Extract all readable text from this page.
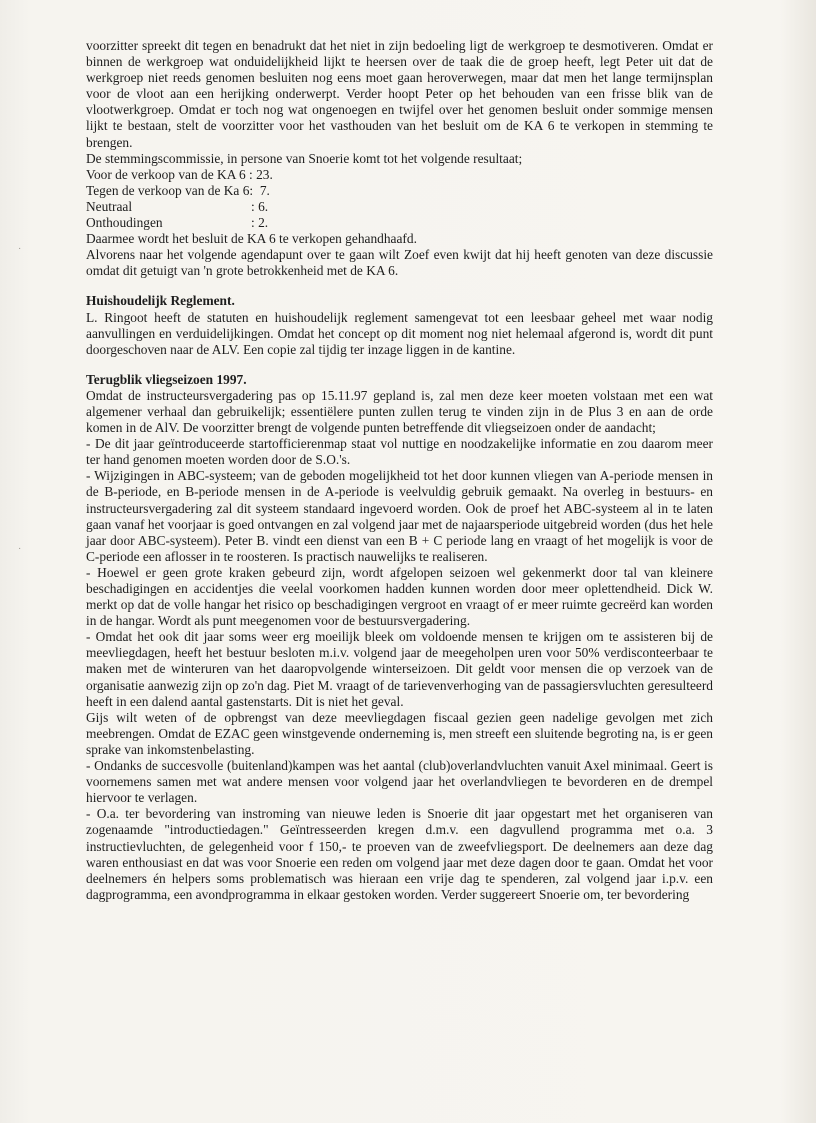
voorzitter spreekt dit tegen en benadrukt dat het niet in zijn bedoeling ligt de werkgroep te desmotiveren. Omdat er binnen de werkgroep wat onduidelijkheid lijkt te heersen over de taak die de groep heeft, legt Peter uit dat de werkgroep niet reeds genomen besluiten nog eens moet gaan heroverwegen, maar dat men het lange termijnsplan voor de vloot aan een herijking onderwerpt. Verder hoopt Peter op het behouden van een frisse blik van de vlootwerkgroep. Omdat er toch nog wat ongenoegen en twijfel over het genomen besluit onder sommige mensen lijkt te bestaan, stelt de voorzitter voor het vasthouden van het besluit om de KA 6 te verkopen in stemming te brengen.

De stemmingscommissie, in persone van Snoerie komt tot het volgende resultaat;

Voor de verkoop van de KA 6
: 23.
Tegen de verkoop van de Ka 6:
7.
Neutraal	: 6.
Onthoudingen	: 2.

Daarmee wordt het besluit de KA 6 te verkopen gehandhaafd.

Alvorens naar het volgende agendapunt over te gaan wilt Zoef even kwijt dat hij heeft genoten van deze discussie omdat dit getuigt van 'n grote betrokkenheid met de KA 6.

Huishoudelijk Reglement.

L. Ringoot heeft de statuten en huishoudelijk reglement samengevat tot een leesbaar geheel met waar nodig aanvullingen en verduidelijkingen. Omdat het concept op dit moment nog niet helemaal afgerond is, wordt dit punt doorgeschoven naar de ALV. Een copie zal tijdig ter inzage liggen in de kantine.

Terugblik vliegseizoen 1997.

Omdat de instructeursvergadering pas op 15.11.97 gepland is, zal men deze keer moeten volstaan met een wat algemener verhaal dan gebruikelijk; essentiëlere punten zullen terug te vinden zijn in de Plus 3 en aan de orde komen in de AlV. De voorzitter brengt de volgende punten betreffende dit vliegseizoen onder de aandacht;

- De dit jaar geïntroduceerde startofficierenmap staat vol nuttige en noodzakelijke informatie en zou daarom meer ter hand genomen moeten worden door de S.O.'s.

- Wijzigingen in ABC-systeem; van de geboden mogelijkheid tot het door kunnen vliegen van A-periode mensen in de B-periode, en B-periode mensen in de A-periode is veelvuldig gebruik gemaakt. Na overleg in bestuurs- en instructeursvergadering zal dit systeem standaard ingevoerd worden. Ook de proef het ABC-systeem al in te laten gaan vanaf het voorjaar is goed ontvangen en zal volgend jaar met de najaarsperiode uitgebreid worden (dus het hele jaar door ABC-systeem). Peter B. vindt een dienst van een B + C periode lang en vraagt of het mogelijk is voor de C-periode een aflosser in te roosteren. Is practisch nauwelijks te realiseren.

- Hoewel er geen grote kraken gebeurd zijn, wordt afgelopen seizoen wel gekenmerkt door tal van kleinere beschadigingen en accidentjes die veelal voorkomen hadden kunnen worden door meer oplettendheid. Dick W. merkt op dat de volle hangar het risico op beschadigingen vergroot en vraagt of er meer ruimte gecreërd kan worden in de hangar. Wordt als punt meegenomen voor de bestuursvergadering.

- Omdat het ook dit jaar soms weer erg moeilijk bleek om voldoende mensen te krijgen om te assisteren bij de meevliegdagen, heeft het bestuur besloten m.i.v. volgend jaar de meegeholpen uren voor 50% verdisconteerbaar te maken met de winteruren van het daaropvolgende winterseizoen. Dit geldt voor mensen die op verzoek van de organisatie aanwezig zijn op zo'n dag. Piet M. vraagt of de tarievenverhoging van de passagiersvluchten geresulteerd heeft in een dalend aantal gastenstarts. Dit is niet het geval.

Gijs wilt weten of de opbrengst van deze meevliegdagen fiscaal gezien geen nadelige gevolgen met zich meebrengen. Omdat de EZAC geen winstgevende onderneming is, men streeft een sluitende begroting na, is er geen sprake van inkomstenbelasting.

- Ondanks de succesvolle (buitenland)kampen was het aantal (club)overlandvluchten vanuit Axel minimaal. Geert is voornemens samen met wat andere mensen voor volgend jaar het overlandvliegen te bevorderen en de drempel hiervoor te verlagen.

- O.a. ter bevordering van instroming van nieuwe leden is Snoerie dit jaar opgestart met het organiseren van zogenaamde "introductiedagen." Geïntresseerden kregen d.m.v. een dagvullend programma met o.a. 3 instructievluchten, de gelegenheid voor f 150,- te proeven van de zweefvliegsport. De deelnemers aan deze dag waren enthousiast en dat was voor Snoerie een reden om volgend jaar met deze dagen door te gaan. Omdat het voor deelnemers én helpers soms problematisch was hieraan een vrije dag te spenderen, zal volgend jaar i.p.v. een dagprogramma, een avondprogramma in elkaar gestoken worden. Verder suggereert Snoerie om, ter bevordering

·
·
